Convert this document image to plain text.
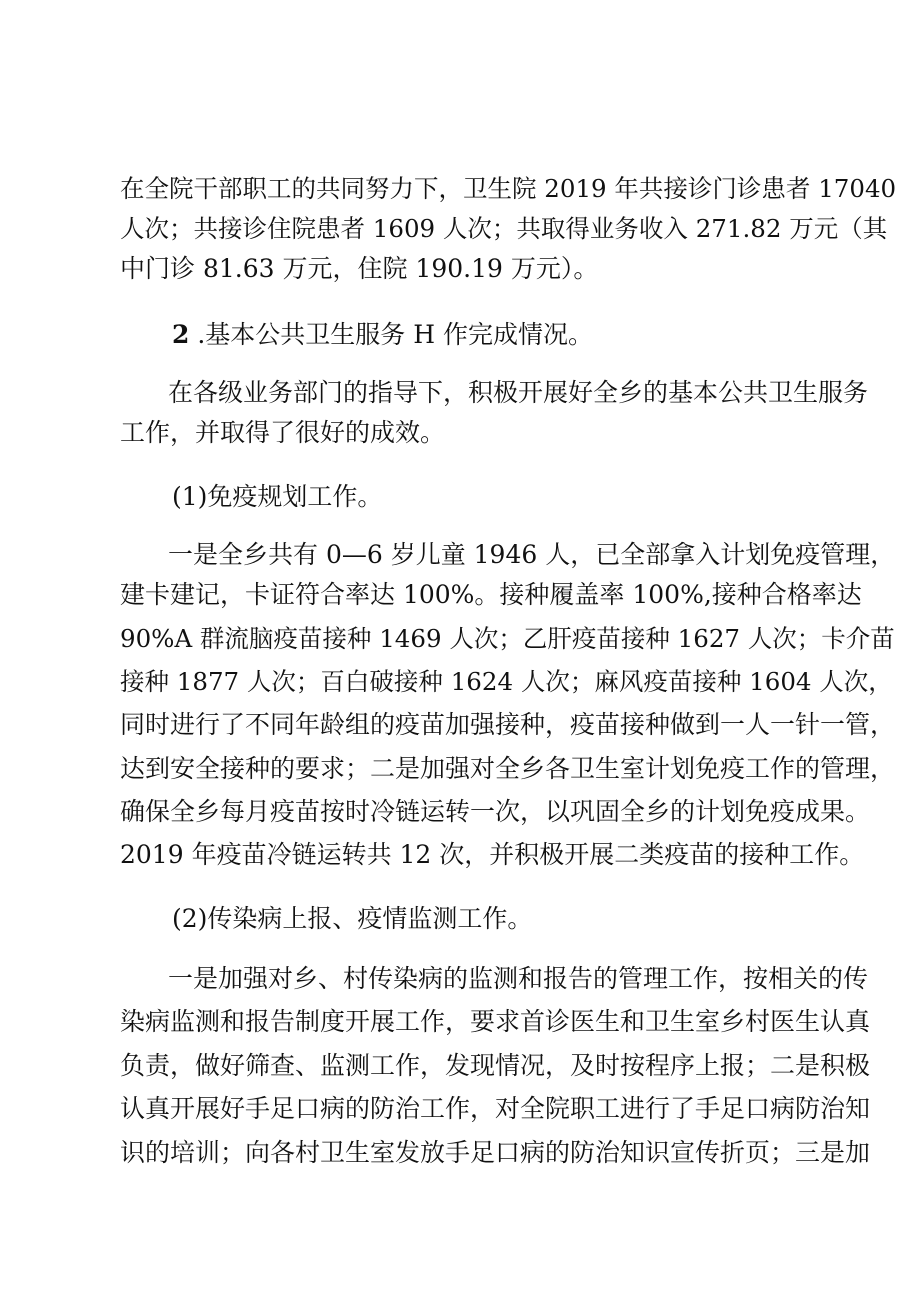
在全院干部职工的共同努力下，卫生院 2019 年共接诊门诊患者 17040
人次；共接诊住院患者 1609 人次；共取得业务收入 271.82 万元（其
中门诊 81.63 万元，住院 190.19 万元）。
2 .基本公共卫生服务 H 作完成情况。
在各级业务部门的指导下，积极开展好全乡的基本公共卫生服务
工作，并取得了很好的成效。
(1)免疫规划工作。
一是全乡共有 0—6 岁儿童 1946 人，已全部拿入计划免疫管理，
建卡建记，卡证符合率达 100%。接种履盖率 100%,接种合格率达
90%A 群流脑疫苗接种 1469 人次；乙肝疫苗接种 1627 人次；卡介苗
接种 1877 人次；百白破接种 1624 人次；麻风疫苗接种 1604 人次，
同时进行了不同年龄组的疫苗加强接种，疫苗接种做到一人一针一管，
达到安全接种的要求；二是加强对全乡各卫生室计划免疫工作的管理，
确保全乡每月疫苗按时冷链运转一次，以巩固全乡的计划免疫成果。
2019 年疫苗冷链运转共 12 次，并积极开展二类疫苗的接种工作。
(2)传染病上报、疫情监测工作。
一是加强对乡、村传染病的监测和报告的管理工作，按相关的传
染病监测和报告制度开展工作，要求首诊医生和卫生室乡村医生认真
负责，做好筛查、监测工作，发现情况，及时按程序上报；二是积极
认真开展好手足口病的防治工作，对全院职工进行了手足口病防治知
识的培训；向各村卫生室发放手足口病的防治知识宣传折页；三是加
